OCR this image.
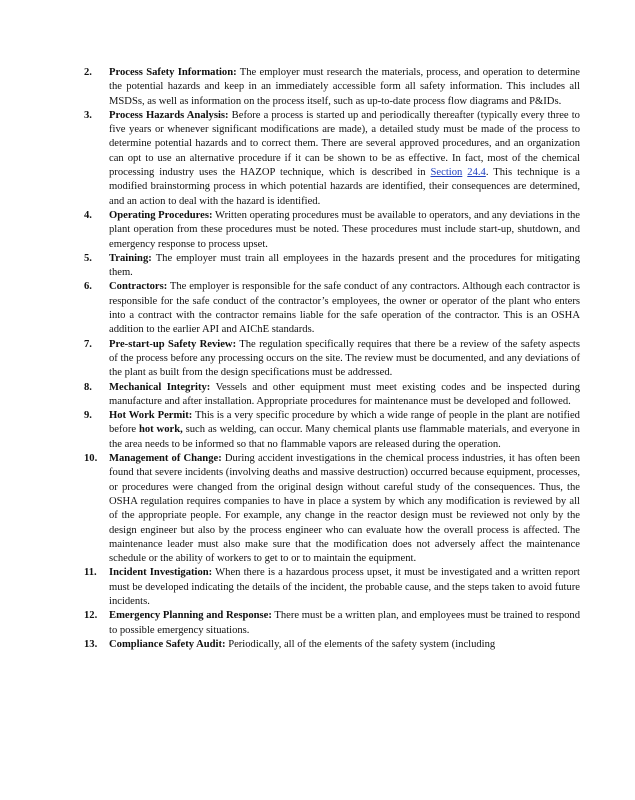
2. Process Safety Information: The employer must research the materials, process, and operation to determine the potential hazards and keep in an immediately accessible form all safety information. This includes all MSDSs, as well as information on the process itself, such as up-to-date process flow diagrams and P&IDs.
3. Process Hazards Analysis: Before a process is started up and periodically thereafter (typically every three to five years or whenever significant modifications are made), a detailed study must be made of the process to determine potential hazards and to correct them. There are several approved procedures, and an organization can opt to use an alternative procedure if it can be shown to be as effective. In fact, most of the chemical processing industry uses the HAZOP technique, which is described in Section 24.4. This technique is a modified brainstorming process in which potential hazards are identified, their consequences are determined, and an action to deal with the hazard is identified.
4. Operating Procedures: Written operating procedures must be available to operators, and any deviations in the plant operation from these procedures must be noted. These procedures must include start-up, shutdown, and emergency response to process upset.
5. Training: The employer must train all employees in the hazards present and the procedures for mitigating them.
6. Contractors: The employer is responsible for the safe conduct of any contractors. Although each contractor is responsible for the safe conduct of the contractor’s employees, the owner or operator of the plant who enters into a contract with the contractor remains liable for the safe operation of the contractor. This is an OSHA addition to the earlier API and AIChE standards.
7. Pre-start-up Safety Review: The regulation specifically requires that there be a review of the safety aspects of the process before any processing occurs on the site. The review must be documented, and any deviations of the plant as built from the design specifications must be addressed.
8. Mechanical Integrity: Vessels and other equipment must meet existing codes and be inspected during manufacture and after installation. Appropriate procedures for maintenance must be developed and followed.
9. Hot Work Permit: This is a very specific procedure by which a wide range of people in the plant are notified before hot work, such as welding, can occur. Many chemical plants use flammable materials, and everyone in the area needs to be informed so that no flammable vapors are released during the operation.
10. Management of Change: During accident investigations in the chemical process industries, it has often been found that severe incidents (involving deaths and massive destruction) occurred because equipment, processes, or procedures were changed from the original design without careful study of the consequences. Thus, the OSHA regulation requires companies to have in place a system by which any modification is reviewed by all of the appropriate people. For example, any change in the reactor design must be reviewed not only by the design engineer but also by the process engineer who can evaluate how the overall process is affected. The maintenance leader must also make sure that the modification does not adversely affect the maintenance schedule or the ability of workers to get to or to maintain the equipment.
11. Incident Investigation: When there is a hazardous process upset, it must be investigated and a written report must be developed indicating the details of the incident, the probable cause, and the steps taken to avoid future incidents.
12. Emergency Planning and Response: There must be a written plan, and employees must be trained to respond to possible emergency situations.
13. Compliance Safety Audit: Periodically, all of the elements of the safety system (including
